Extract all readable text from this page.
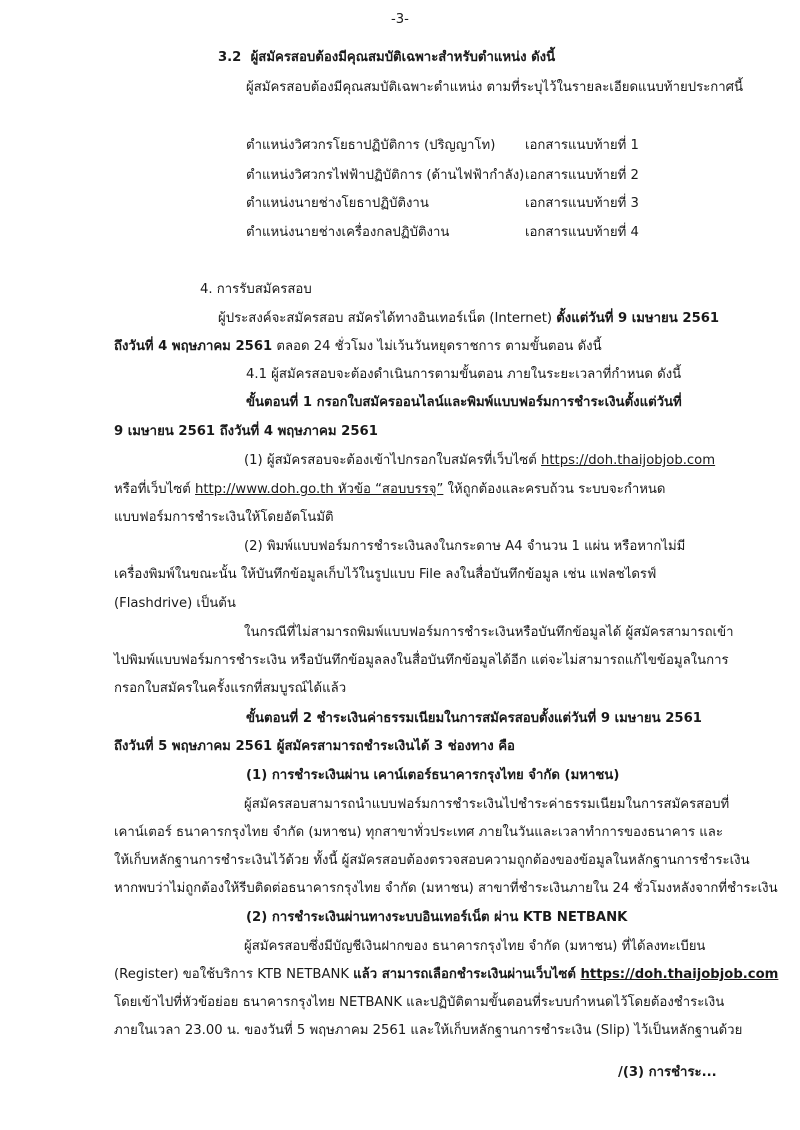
-3-
3.2 ผู้สมัครสอบต้องมีคุณสมบัติเฉพาะสำหรับตำแหน่ง ดังนี้
ผู้สมัครสอบต้องมีคุณสมบัติเฉพาะตำแหน่ง ตามที่ระบุไว้ในรายละเอียดแนบท้ายประกาศนี้
ตำแหน่งวิศวกรโยธาปฏิบัติการ (ปริญญาโท) เอกสารแนบท้ายที่ 1
ตำแหน่งวิศวกรไฟฟ้าปฏิบัติการ (ด้านไฟฟ้ากำลัง) เอกสารแนบท้ายที่ 2
ตำแหน่งนายช่างโยธาปฏิบัติงาน	เอกสารแนบท้ายที่ 3
ตำแหน่งนายช่างเครื่องกลปฏิบัติงาน	เอกสารแนบท้ายที่ 4
4. การรับสมัครสอบ
ผู้ประสงค์จะสมัครสอบ สมัครได้ทางอินเทอร์เน็ต (Internet) ตั้งแต่วันที่ 9 เมษายน 2561
ถึงวันที่ 4 พฤษภาคม 2561 ตลอด 24 ชั่วโมง ไม่เว้นวันหยุดราชการ ตามขั้นตอน ดังนี้
4.1 ผู้สมัครสอบจะต้องดำเนินการตามขั้นตอน ภายในระยะเวลาที่กำหนด ดังนี้
ขั้นตอนที่ 1 กรอกใบสมัครออนไลน์และพิมพ์แบบฟอร์มการชำระเงินตั้งแต่วันที่
9 เมษายน 2561 ถึงวันที่ 4 พฤษภาคม 2561
(1) ผู้สมัครสอบจะต้องเข้าไปกรอกใบสมัครที่เว็บไซต์ https://doh.thaijobjob.com
หรือที่เว็บไซต์ http://www.doh.go.th หัวข้อ “สอบบรรจุ” ให้ถูกต้องและครบถ้วน ระบบจะกำหนด
แบบฟอร์มการชำระเงินให้โดยอัตโนมัติ
(2) พิมพ์แบบฟอร์มการชำระเงินลงในกระดาษ A4 จำนวน 1 แผ่น หรือหากไม่มี
เครื่องพิมพ์ในขณะนั้น ให้บันทึกข้อมูลเก็บไว้ในรูปแบบ File ลงในสื่อบันทึกข้อมูล เช่น แฟลชไดรฟ์
(Flashdrive) เป็นต้น
ในกรณีที่ไม่สามารถพิมพ์แบบฟอร์มการชำระเงินหรือบันทึกข้อมูลได้ ผู้สมัครสามารถเข้า
ไปพิมพ์แบบฟอร์มการชำระเงิน หรือบันทึกข้อมูลลงในสื่อบันทึกข้อมูลได้อีก แต่จะไม่สามารถแก้ไขข้อมูลในการ
กรอกใบสมัครในครั้งแรกที่สมบูรณ์ได้แล้ว
ขั้นตอนที่ 2 ชำระเงินค่าธรรมเนียมในการสมัครสอบตั้งแต่วันที่ 9 เมษายน 2561
ถึงวันที่ 5 พฤษภาคม 2561 ผู้สมัครสามารถชำระเงินได้ 3 ช่องทาง คือ
(1) การชำระเงินผ่าน เคาน์เตอร์ธนาคารกรุงไทย จำกัด (มหาชน)
ผู้สมัครสอบสามารถนำแบบฟอร์มการชำระเงินไปชำระค่าธรรมเนียมในการสมัครสอบที่
เคาน์เตอร์ ธนาคารกรุงไทย จำกัด (มหาชน) ทุกสาขาทั่วประเทศ ภายในวันและเวลาทำการของธนาคาร และ
ให้เก็บหลักฐานการชำระเงินไว้ด้วย ทั้งนี้ ผู้สมัครสอบต้องตรวจสอบความถูกต้องของข้อมูลในหลักฐานการชำระเงิน
หากพบว่าไม่ถูกต้องให้รีบติดต่อธนาคารกรุงไทย จำกัด (มหาชน) สาขาที่ชำระเงินภายใน 24 ชั่วโมงหลังจากที่ชำระเงิน
(2) การชำระเงินผ่านทางระบบอินเทอร์เน็ต ผ่าน KTB NETBANK
ผู้สมัครสอบซึ่งมีบัญชีเงินฝากของ ธนาคารกรุงไทย จำกัด (มหาชน) ที่ได้ลงทะเบียน
(Register) ขอใช้บริการ KTB NETBANK แล้ว สามารถเลือกชำระเงินผ่านเว็บไซต์ https://doh.thaijobjob.com
โดยเข้าไปที่หัวข้อย่อย ธนาคารกรุงไทย NETBANK และปฏิบัติตามขั้นตอนที่ระบบกำหนดไว้โดยต้องชำระเงิน
ภายในเวลา 23.00 น. ของวันที่ 5 พฤษภาคม 2561 และให้เก็บหลักฐานการชำระเงิน (Slip) ไว้เป็นหลักฐานด้วย
/(3) การชำระ...
